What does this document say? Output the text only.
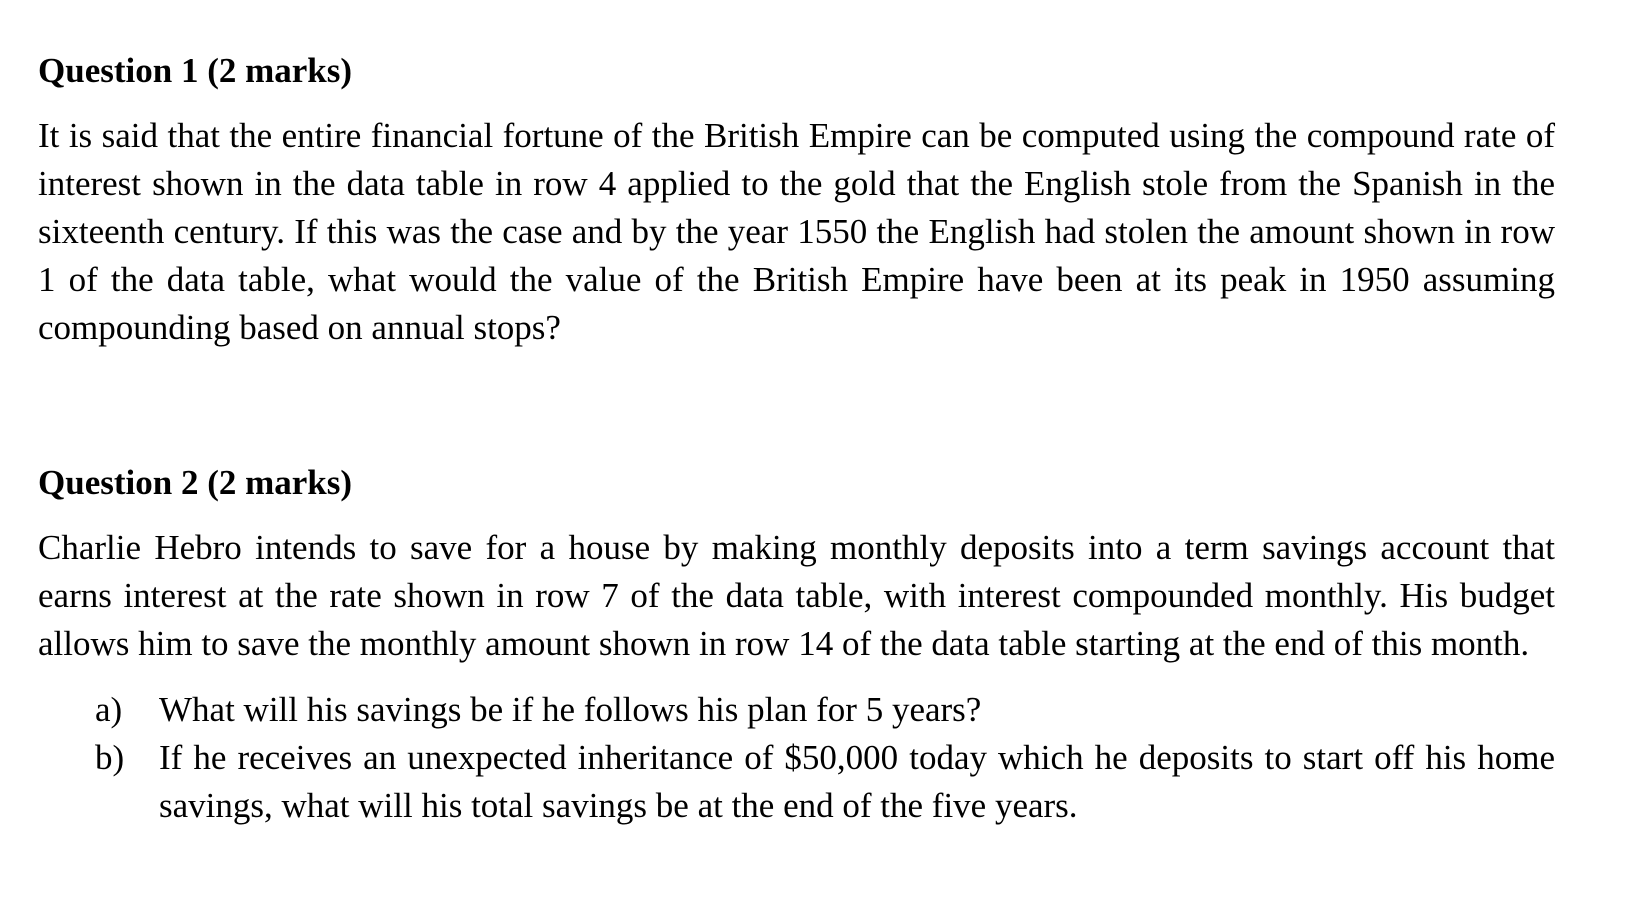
Question 1 (2 marks)

It is said that the entire financial fortune of the British Empire can be computed using the compound rate of interest shown in the data table in row 4 applied to the gold that the English stole from the Spanish in the sixteenth century. If this was the case and by the year 1550 the English had stolen the amount shown in row 1 of the data table, what would the value of the British Empire have been at its peak in 1950 assuming compounding based on annual stops?

Question 2 (2 marks)

Charlie Hebro intends to save for a house by making monthly deposits into a term savings account that earns interest at the rate shown in row 7 of the data table, with interest compounded monthly. His budget allows him to save the monthly amount shown in row 14 of the data table starting at the end of this month.

a) What will his savings be if he follows his plan for 5 years?
b) If he receives an unexpected inheritance of $50,000 today which he deposits to start off his home savings, what will his total savings be at the end of the five years.
